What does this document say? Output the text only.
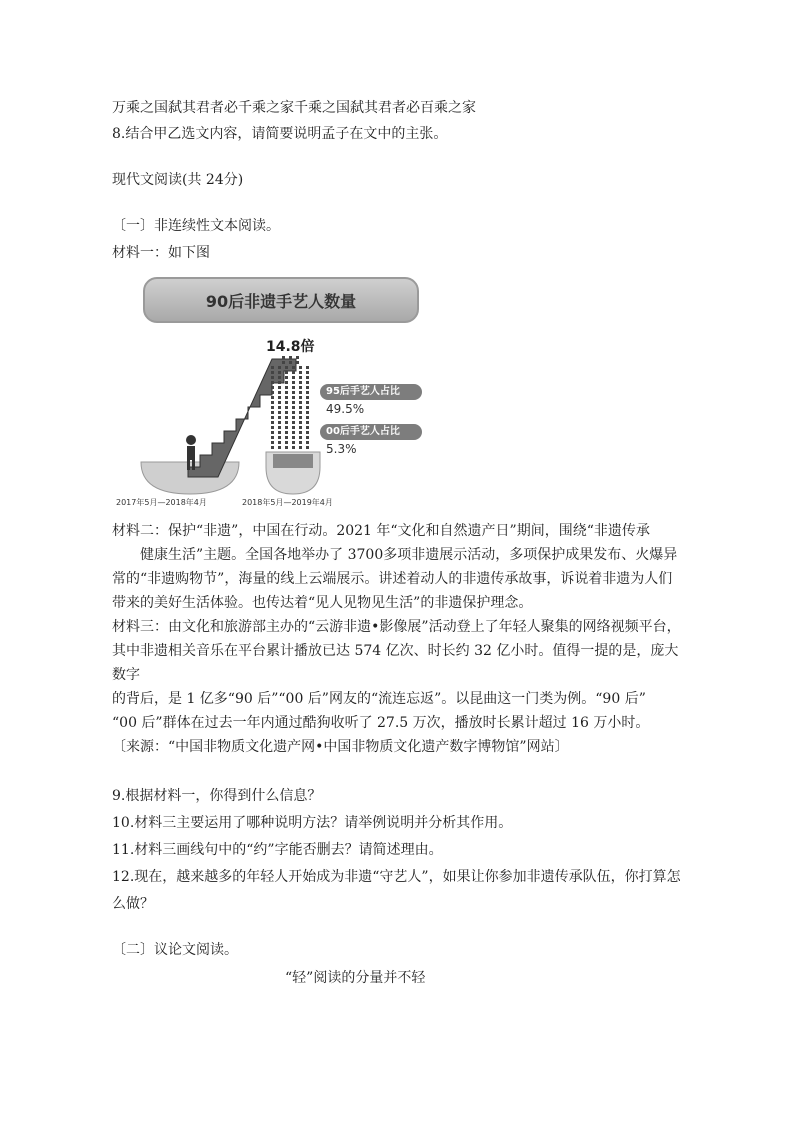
万乘之国弑其君者必千乘之家千乘之国弑其君者必百乘之家
8.结合甲乙选文内容，请简要说明孟子在文中的主张。
现代文阅读(共 24分)
〔一〕非连续性文本阅读。
材料一：如下图
90后非遗手艺人数量
14.8倍
95后手艺人占比
49.5%
00后手艺人占比
5.3%
2017年5月—2018年4月	2018年5月—2019年4月
材料二：保护“非遗”，中国在行动。2021 年“文化和自然遗产日”期间，围绕“非遗传承
健康生活”主题。全国各地举办了 3700多项非遗展示活动，多项保护成果发布、火爆异
常的“非遗购物节”，海量的线上云端展示。讲述着动人的非遗传承故事，诉说着非遗为人们
带来的美好生活体验。也传达着“见人见物见生活”的非遗保护理念。
材料三：由文化和旅游部主办的“云游非遗•影像展”活动登上了年轻人聚集的网络视频平台，
其中非遗相关音乐在平台累计播放已达 574 亿次、时长约 32 亿小时。值得一提的是，庞大数字
的背后，是 1 亿多“90 后”“00 后”网友的“流连忘返”。以昆曲这一门类为例。“90 后”
“00 后”群体在过去一年内通过酷狗收听了 27.5 万次，播放时长累计超过 16 万小时。
〔来源：“中国非物质文化遗产网•中国非物质文化遗产数字博物馆”网站〕
9.根据材料一，你得到什么信息？
10.材料三主要运用了哪种说明方法？请举例说明并分析其作用。
11.材料三画线句中的“约”字能否删去？请简述理由。
12.现在，越来越多的年轻人开始成为非遗“守艺人”，如果让你参加非遗传承队伍，你打算怎
么做？
〔二〕议论文阅读。
“轻”阅读的分量并不轻
